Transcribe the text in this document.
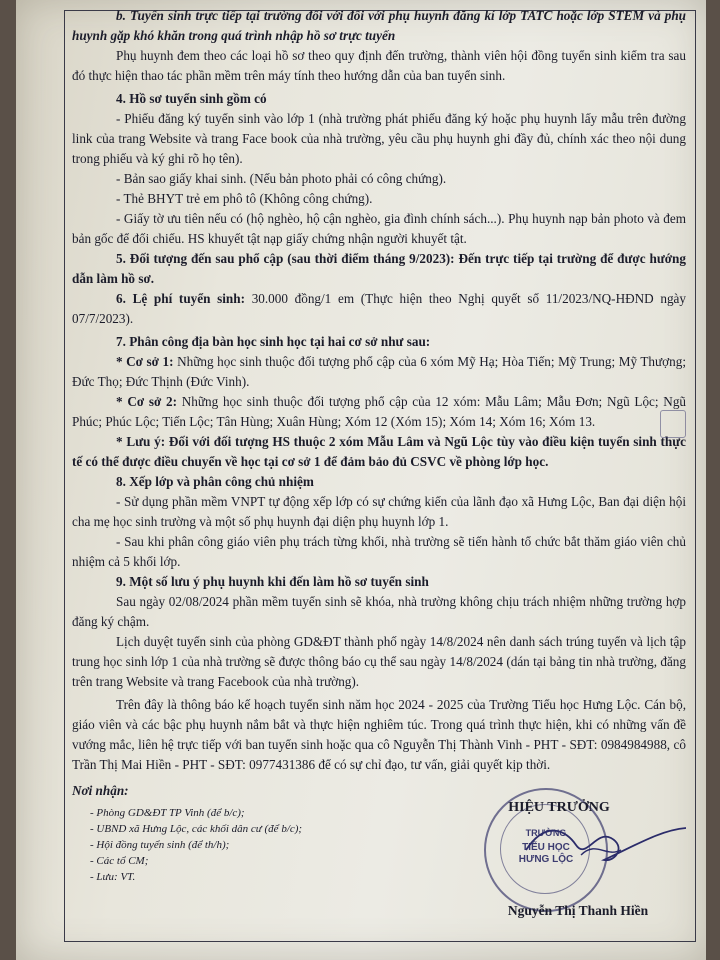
b. Tuyển sinh trực tiếp tại trường đối với đối với phụ huynh đăng kí lớp TATC hoặc lớp STEM và phụ huynh gặp khó khăn trong quá trình nhập hồ sơ trực tuyến

Phụ huynh đem theo các loại hồ sơ theo quy định đến trường, thành viên hội đồng tuyển sinh kiểm tra sau đó thực hiện thao tác phần mềm trên máy tính theo hướng dẫn của ban tuyển sinh.

4. Hồ sơ tuyển sinh gồm có

- Phiếu đăng ký tuyển sinh vào lớp 1 (nhà trường phát phiếu đăng ký hoặc phụ huynh lấy mẫu trên đường link của trang Website và trang Face book của nhà trường, yêu cầu phụ huynh ghi đầy đủ, chính xác theo nội dung trong phiếu và ký ghi rõ họ tên).

- Bản sao giấy khai sinh. (Nếu bản photo phải có công chứng).

- Thẻ BHYT trẻ em phô tô (Không công chứng).

- Giấy tờ ưu tiên nếu có (hộ nghèo, hộ cận nghèo, gia đình chính sách...). Phụ huynh nạp bản photo và đem bản gốc để đối chiếu. HS khuyết tật nạp giấy chứng nhận người khuyết tật.

5. Đối tượng đến sau phổ cập (sau thời điểm tháng 9/2023): Đến trực tiếp tại trường để được hướng dẫn làm hồ sơ.

6. Lệ phí tuyển sinh: 30.000 đồng/1 em (Thực hiện theo Nghị quyết số 11/2023/NQ-HĐND ngày 07/7/2023).

7. Phân công địa bàn học sinh học tại hai cơ sở như sau:

* Cơ sở 1: Những học sinh thuộc đối tượng phổ cập của 6 xóm Mỹ Hạ; Hòa Tiến; Mỹ Trung; Mỹ Thượng; Đức Thọ; Đức Thịnh (Đức Vinh).

* Cơ sở 2: Những học sinh thuộc đối tượng phổ cập của 12 xóm: Mẫu Lâm; Mẫu Đơn; Ngũ Lộc; Ngũ Phúc; Phúc Lộc; Tiến Lộc; Tân Hùng; Xuân Hùng; Xóm 12 (Xóm 15); Xóm 14; Xóm 16; Xóm 13.

* Lưu ý: Đối với đối tượng HS thuộc 2 xóm Mẫu Lâm và Ngũ Lộc tùy vào điều kiện tuyển sinh thực tế có thể được điều chuyển về học tại cơ sở 1 để đảm bảo đủ CSVC về phòng lớp học.

8. Xếp lớp và phân công chủ nhiệm

- Sử dụng phần mềm VNPT tự động xếp lớp có sự chứng kiến của lãnh đạo xã Hưng Lộc, Ban đại diện hội cha mẹ học sinh trường và một số phụ huynh đại diện phụ huynh lớp 1.

- Sau khi phân công giáo viên phụ trách từng khối, nhà trường sẽ tiến hành tổ chức bắt thăm giáo viên chủ nhiệm cả 5 khối lớp.

9. Một số lưu ý phụ huynh khi đến làm hồ sơ tuyển sinh

Sau ngày 02/08/2024 phần mềm tuyển sinh sẽ khóa, nhà trường không chịu trách nhiệm những trường hợp đăng ký chậm.

Lịch duyệt tuyển sinh của phòng GD&ĐT thành phố ngày 14/8/2024 nên danh sách trúng tuyển và lịch tập trung học sinh lớp 1 của nhà trường sẽ được thông báo cụ thể sau ngày 14/8/2024 (dán tại bảng tin nhà trường, đăng trên trang Website và trang Facebook của nhà trường).

Trên đây là thông báo kế hoạch tuyển sinh năm học 2024 - 2025 của Trường Tiểu học Hưng Lộc. Cán bộ, giáo viên và các bậc phụ huynh nắm bắt và thực hiện nghiêm túc. Trong quá trình thực hiện, khi có những vấn đề vướng mắc, liên hệ trực tiếp với ban tuyển sinh hoặc qua cô Nguyễn Thị Thành Vinh - PHT - SĐT: 0984984988, cô Trần Thị Mai Hiền - PHT - SĐT: 0977431386 để có sự chỉ đạo, tư vấn, giải quyết kịp thời.

Nơi nhận:

- Phòng GD&ĐT TP Vinh (để b/c);

- UBND xã Hưng Lộc, các khối dân cư (để b/c);

- Hội đồng tuyển sinh (để th/h);

- Các tổ CM;

- Lưu: VT.

TRƯỜNG
TIỂU HỌC
HƯNG LỘC
HIỆU TRƯỞNG
Nguyễn Thị Thanh Hiền
